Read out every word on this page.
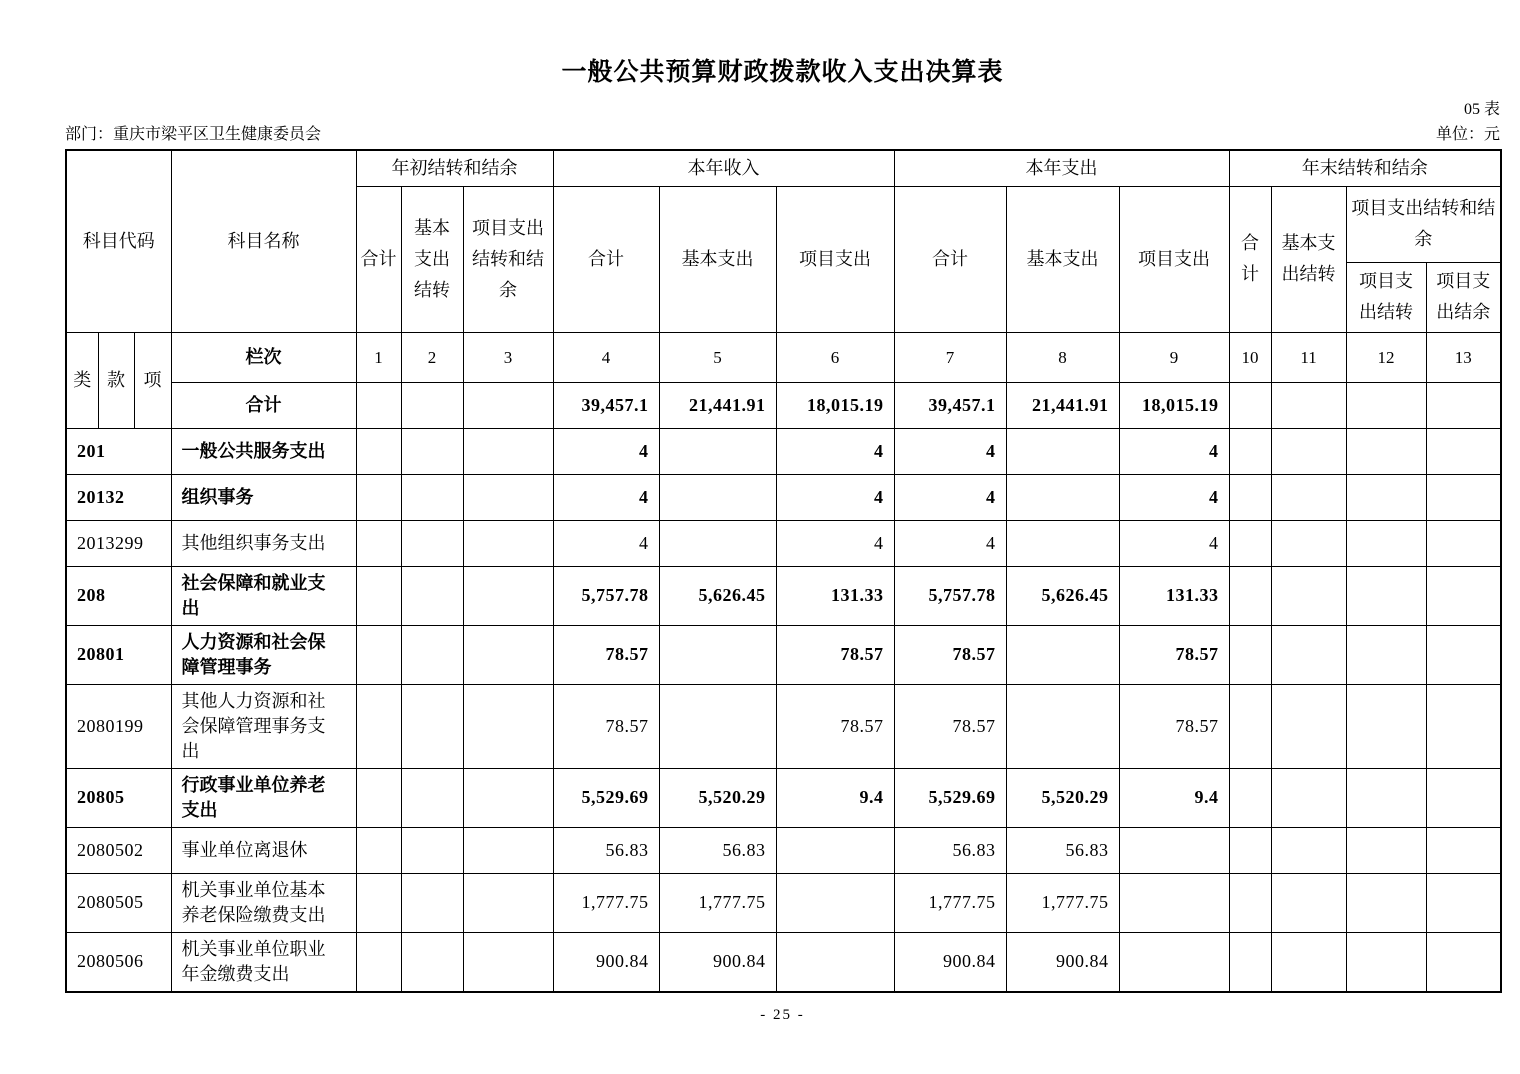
一般公共预算财政拨款收入支出决算表
05 表
部门：重庆市梁平区卫生健康委员会	单位：元
科目代码			科目名称	年初结转和结余			本年收入			本年支出			年末结转和结余			
				合计	基本支出结转	项目支出结转和结余	合计	基本支出	项目支出	合计	基本支出	项目支出	合计	基本支出结转	项目支出结转和结余	
															项目支出结转	项目支出结余
类	款	项	栏次	1	2	3	4	5	6	7	8	9	10	11	12	13
			合计				39,457.1	21,441.91	18,015.19	39,457.1	21,441.91	18,015.19				
201			一般公共服务支出				4		4	4		4				
20132			组织事务				4		4	4		4				
2013299			其他组织事务支出				4		4	4		4				
208			社会保障和就业支出				5,757.78	5,626.45	131.33	5,757.78	5,626.45	131.33				
20801			人力资源和社会保障管理事务				78.57		78.57	78.57		78.57				
2080199			其他人力资源和社会保障管理事务支出				78.57		78.57	78.57		78.57				
20805			行政事业单位养老支出				5,529.69	5,520.29	9.4	5,529.69	5,520.29	9.4				
2080502			事业单位离退休				56.83	56.83		56.83	56.83					
2080505			机关事业单位基本养老保险缴费支出				1,777.75	1,777.75		1,777.75	1,777.75					
2080506			机关事业单位职业年金缴费支出				900.84	900.84		900.84	900.84					
- 25 -
